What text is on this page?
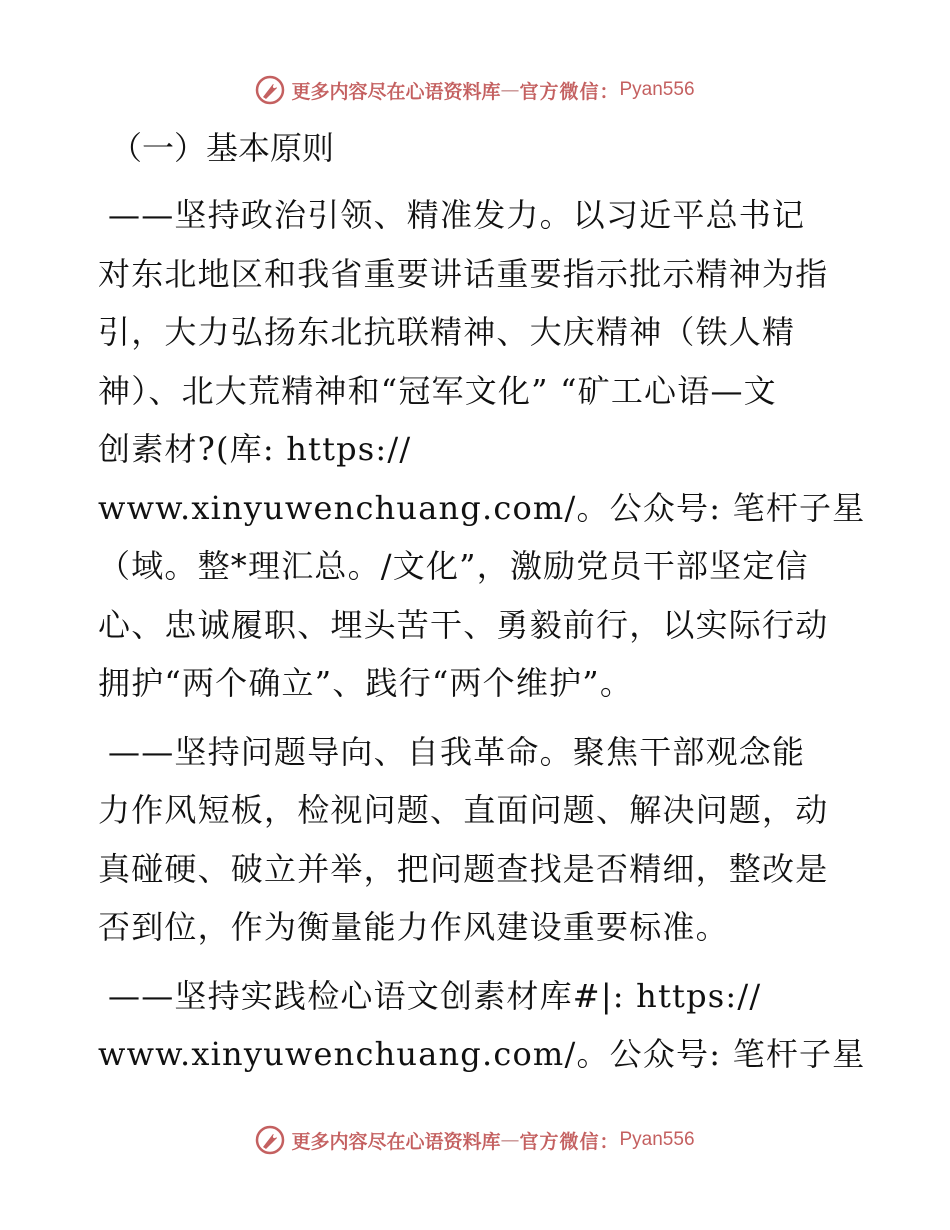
更多内容尽在心语资料库 — 官方微信： Pyan556
（一）基本原则
——坚持政治引领、精准发力。以习近平总书记
对东北地区和我省重要讲话重要指示批示精神为指
引，大力弘扬东北抗联精神、大庆精神（铁人精
神）、北大荒精神和“冠军文化” “矿工心语—文
创素材?(库: https://
www.xinyuwenchuang.com/。公众号: 笔杆子星
（域。整*理汇总。/文化”，激励党员干部坚定信
心、忠诚履职、埋头苦干、勇毅前行，以实际行动
拥护“两个确立”、践行“两个维护”。
——坚持问题导向、自我革命。聚焦干部观念能
力作风短板，检视问题、直面问题、解决问题，动
真碰硬、破立并举，把问题查找是否精细，整改是
否到位，作为衡量能力作风建设重要标准。
——坚持实践检心语文创素材库#|: https://
www.xinyuwenchuang.com/。公众号: 笔杆子星
更多内容尽在心语资料库 — 官方微信： Pyan556
